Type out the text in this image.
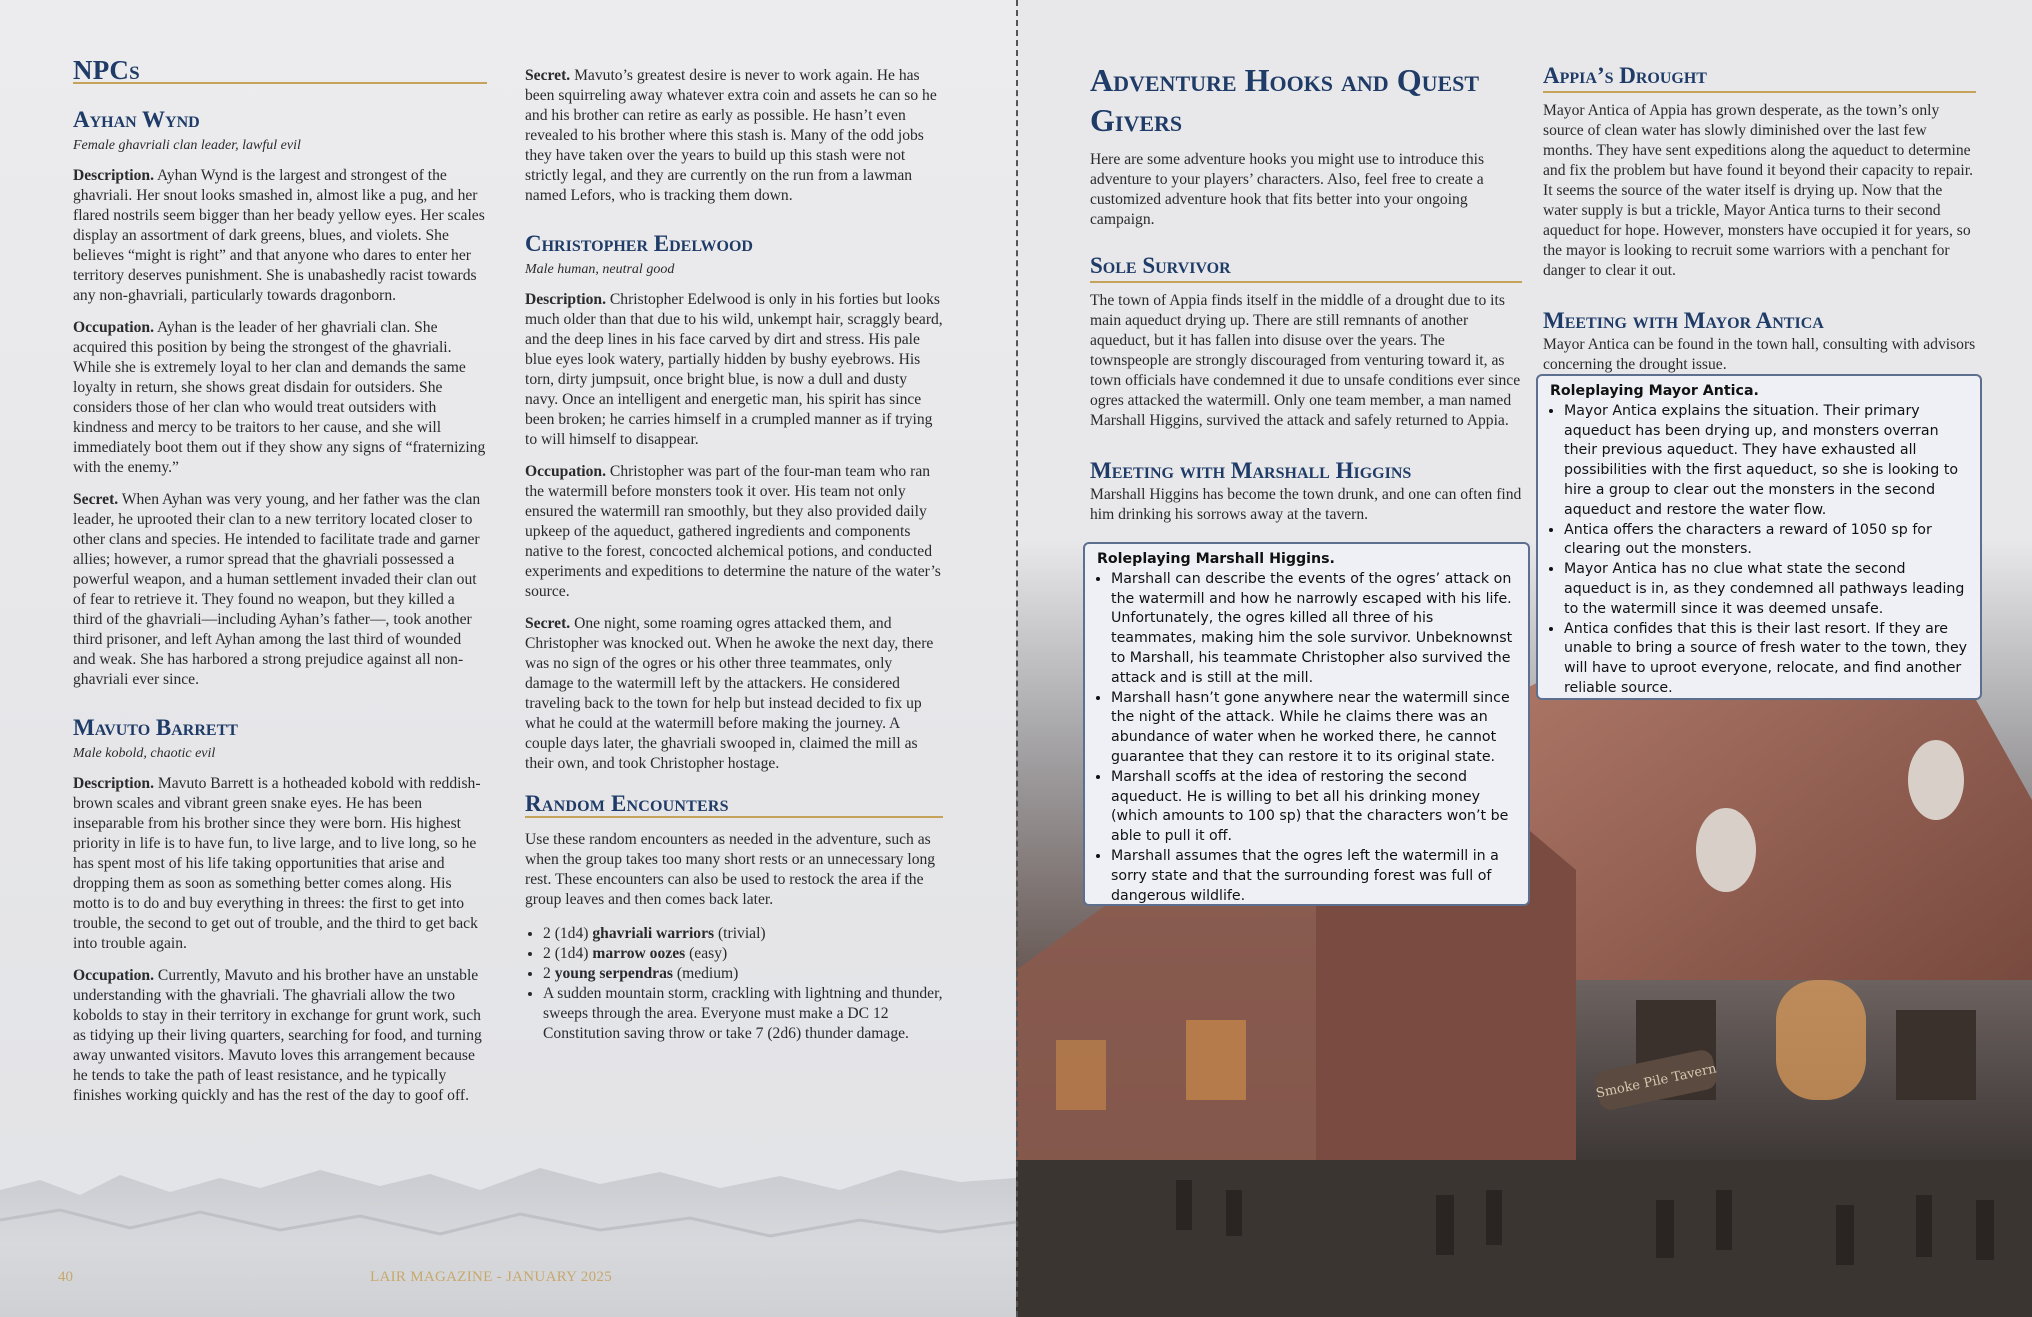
NPCs
Ayhan Wynd
Female ghavriali clan leader, lawful evil

Description. Ayhan Wynd is the largest and strongest of the ghavriali. Her snout looks smashed in, almost like a pug, and her flared nostrils seem bigger than her beady yellow eyes. Her scales display an assortment of dark greens, blues, and violets. She believes “might is right” and that anyone who dares to enter her territory deserves punishment. She is unabashedly racist towards any non-ghavriali, particularly towards dragonborn.

Occupation. Ayhan is the leader of her ghavriali clan. She acquired this position by being the strongest of the ghavriali. While she is extremely loyal to her clan and demands the same loyalty in return, she shows great disdain for outsiders. She considers those of her clan who would treat outsiders with kindness and mercy to be traitors to her cause, and she will immediately boot them out if they show any signs of “fraternizing with the enemy.”

Secret. When Ayhan was very young, and her father was the clan leader, he uprooted their clan to a new territory located closer to other clans and species. He intended to facilitate trade and garner allies; however, a rumor spread that the ghavriali possessed a powerful weapon, and a human settlement invaded their clan out of fear to retrieve it. They found no weapon, but they killed a third of the ghavriali—including Ayhan’s father—, took another third prisoner, and left Ayhan among the last third of wounded and weak. She has harbored a strong prejudice against all non-ghavriali ever since.

Mavuto Barrett
Male kobold, chaotic evil

Description. Mavuto Barrett is a hotheaded kobold with reddish-brown scales and vibrant green snake eyes. He has been inseparable from his brother since they were born. His highest priority in life is to have fun, to live large, and to live long, so he has spent most of his life taking opportunities that arise and dropping them as soon as something better comes along. His motto is to do and buy everything in threes: the first to get into trouble, the second to get out of trouble, and the third to get back into trouble again.

Occupation. Currently, Mavuto and his brother have an unstable understanding with the ghavriali. The ghavriali allow the two kobolds to stay in their territory in exchange for grunt work, such as tidying up their living quarters, searching for food, and turning away unwanted visitors. Mavuto loves this arrangement because he tends to take the path of least resistance, and he typically finishes working quickly and has the rest of the day to goof off.

Secret. Mavuto’s greatest desire is never to work again. He has been squirreling away whatever extra coin and assets he can so he and his brother can retire as early as possible. He hasn’t even revealed to his brother where this stash is. Many of the odd jobs they have taken over the years to build up this stash were not strictly legal, and they are currently on the run from a lawman named Lefors, who is tracking them down.

Christopher Edelwood
Male human, neutral good

Description. Christopher Edelwood is only in his forties but looks much older than that due to his wild, unkempt hair, scraggly beard, and the deep lines in his face carved by dirt and stress. His pale blue eyes look watery, partially hidden by bushy eyebrows. His torn, dirty jumpsuit, once bright blue, is now a dull and dusty navy. Once an intelligent and energetic man, his spirit has since been broken; he carries himself in a crumpled manner as if trying to will himself to disappear.

Occupation. Christopher was part of the four-man team who ran the watermill before monsters took it over. His team not only ensured the watermill ran smoothly, but they also provided daily upkeep of the aqueduct, gathered ingredients and components native to the forest, concocted alchemical potions, and conducted experiments and expeditions to determine the nature of the water’s source.

Secret. One night, some roaming ogres attacked them, and Christopher was knocked out. When he awoke the next day, there was no sign of the ogres or his other three teammates, only damage to the watermill left by the attackers. He considered traveling back to the town for help but instead decided to fix up what he could at the watermill before making the journey. A couple days later, the ghavriali swooped in, claimed the mill as their own, and took Christopher hostage.

Random Encounters

Use these random encounters as needed in the adventure, such as when the group takes too many short rests or an unnecessary long rest. These encounters can also be used to restock the area if the group leaves and then comes back later.

• 2 (1d4) ghavriali warriors (trivial)
• 2 (1d4) marrow oozes (easy)
• 2 young serpendras (medium)
• A sudden mountain storm, crackling with lightning and thunder, sweeps through the area. Everyone must make a DC 12 Constitution saving throw or take 7 (2d6) thunder damage.
40	LAIR MAGAZINE - JANUARY 2025
Smoke Pile Tavern
Adventure Hooks and Quest Givers

Here are some adventure hooks you might use to introduce this adventure to your players’ characters. Also, feel free to create a customized adventure hook that fits better into your ongoing campaign.

Sole Survivor

The town of Appia finds itself in the middle of a drought due to its main aqueduct drying up. There are still remnants of another aqueduct, but it has fallen into disuse over the years. The townspeople are strongly discouraged from venturing toward it, as town officials have condemned it due to unsafe conditions ever since ogres attacked the watermill. Only one team member, a man named Marshall Higgins, survived the attack and safely returned to Appia.

Meeting with Marshall Higgins

Marshall Higgins has become the town drunk, and one can often find him drinking his sorrows away at the tavern.

Roleplaying Marshall Higgins.
• Marshall can describe the events of the ogres’ attack on the watermill and how he narrowly escaped with his life. Unfortunately, the ogres killed all three of his teammates, making him the sole survivor. Unbeknownst to Marshall, his teammate Christopher also survived the attack and is still at the mill.
• Marshall hasn’t gone anywhere near the watermill since the night of the attack. While he claims there was an abundance of water when he worked there, he cannot guarantee that they can restore it to its original state.
• Marshall scoffs at the idea of restoring the second aqueduct. He is willing to bet all his drinking money (which amounts to 100 sp) that the characters won’t be able to pull it off.
• Marshall assumes that the ogres left the watermill in a sorry state and that the surrounding forest was full of dangerous wildlife.
Appia’s Drought

Mayor Antica of Appia has grown desperate, as the town’s only source of clean water has slowly diminished over the last few months. They have sent expeditions along the aqueduct to determine and fix the problem but have found it beyond their capacity to repair. It seems the source of the water itself is drying up. Now that the water supply is but a trickle, Mayor Antica turns to their second aqueduct for hope. However, monsters have occupied it for years, so the mayor is looking to recruit some warriors with a penchant for danger to clear it out.

Meeting with Mayor Antica

Mayor Antica can be found in the town hall, consulting with advisors concerning the drought issue.

Roleplaying Mayor Antica.
• Mayor Antica explains the situation. Their primary aqueduct has been drying up, and monsters overran their previous aqueduct. They have exhausted all possibilities with the first aqueduct, so she is looking to hire a group to clear out the monsters in the second aqueduct and restore the water flow.
• Antica offers the characters a reward of 1050 sp for clearing out the monsters.
• Mayor Antica has no clue what state the second aqueduct is in, as they condemned all pathways leading to the watermill since it was deemed unsafe.
• Antica confides that this is their last resort. If they are unable to bring a source of fresh water to the town, they will have to uproot everyone, relocate, and find another reliable source.
